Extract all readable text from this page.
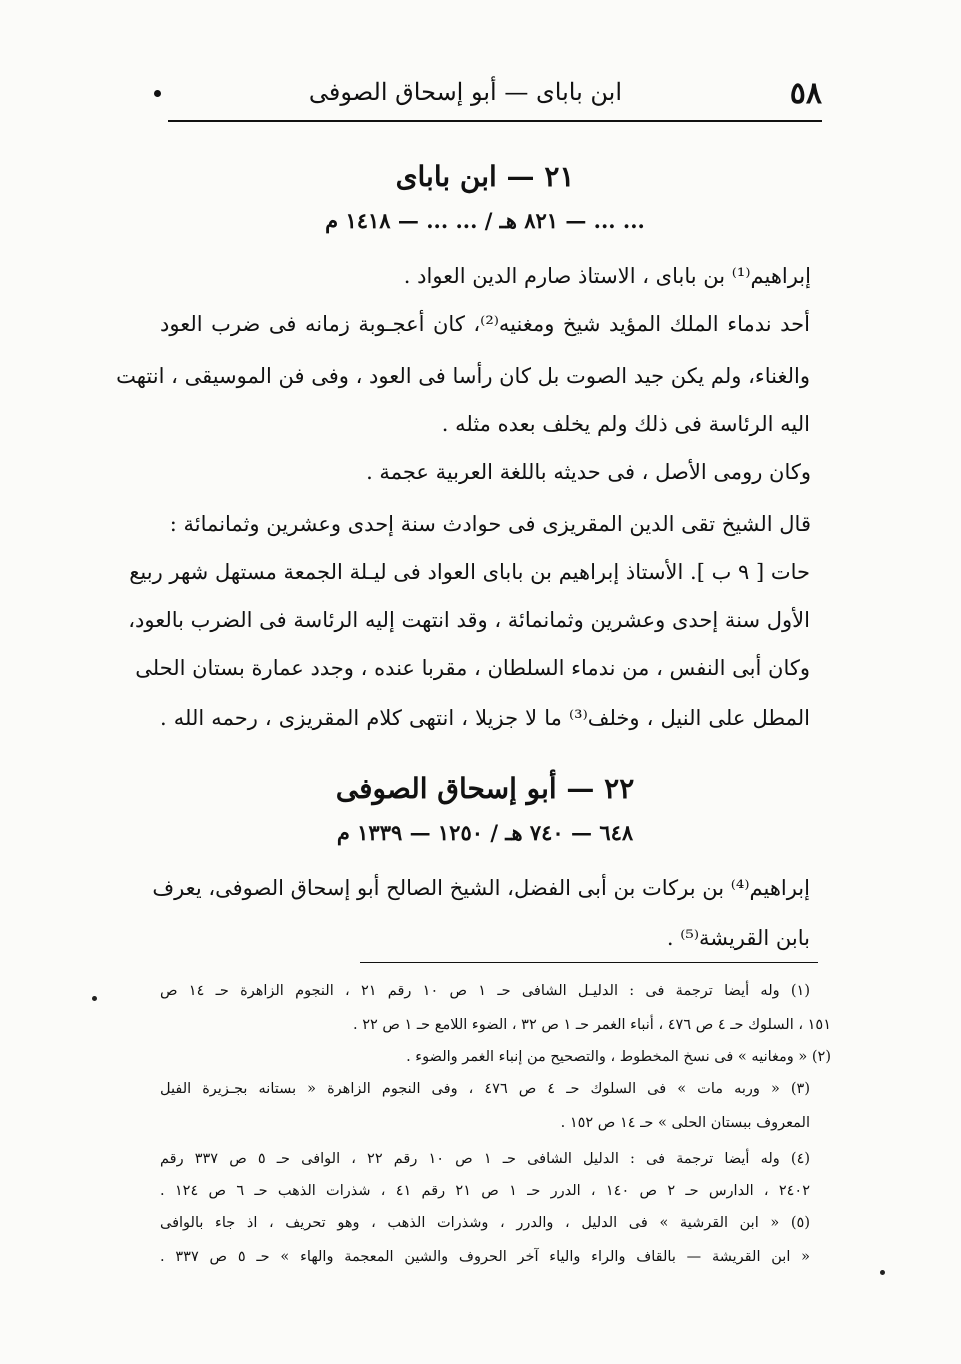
ابن باباى — أبو إسحاق الصوفى	٥٨
٢١ — ابن باباى
... ... — ٨٢١ هـ / ... ... — ١٤١٨ م
إبراهيم⁽¹⁾ بن باباى ، الاستاذ صارم الدين العواد .
أحد ندماء الملك المؤيد شيخ ومغنيه⁽²⁾، كان أعجـوبة زمانه فى ضرب العود
والغناء، ولم يكن جيد الصوت بل كان رأسا فى العود ، وفى فن الموسيقى ، انتهت
اليه الرئاسة فى ذلك ولم يخلف بعده مثله .
وكان رومى الأصل ، فى حديثه باللغة العربية عجمة .
قال الشيخ تقى الدين المقريزى فى حوادث سنة إحدى وعشرين وثمانمائة :
حات [ ٩ ب ]. الأستاذ إبراهيم بن باباى العواد فى ليـلة الجمعة مستهل شهر ربيع
الأول سنة إحدى وعشرين وثمانمائة ، وقد انتهت إليه الرئاسة فى الضرب بالعود،
وكان أبى النفس ، من ندماء السلطان ، مقربا عنده ، وجدد عمارة بستان الحلى
المطل على النيل ، وخلف⁽³⁾ ما لا جزيلا ، انتهى كلام المقريزى ، رحمه الله .
٢٢ — أبو إسحاق الصوفى
٦٤٨ — ٧٤٠ هـ / ١٢٥٠ — ١٣٣٩ م
إبراهيم⁽⁴⁾ بن بركات بن أبى الفضل، الشيخ الصالح أبو إسحاق الصوفى، يعرف
بابن القريشة⁽⁵⁾ .
(١) وله أيضا ترجمة فى : الدليـل الشافى حـ ١ ص ١٠ رقم ٢١ ، النجوم الزاهرة حـ ١٤ ص
١٥١ ، السلوك حـ ٤ ص ٤٧٦ ، أنباء الغمر حـ ١ ص ٣٢ ، الضوء اللامع حـ ١ ص ٢٢ .
(٢) « ومغانيه » فى نسخ المخطوط ، والتصحيح من إنباء الغمر والضوء .
(٣) « وربه مات » فى السلوك حـ ٤ ص ٤٧٦ ، وفى النجوم الزاهرة « بستانه بجـزيرة الفيل
المعروف ببستان الحلى » حـ ١٤ ص ١٥٢ .
(٤) وله أيضا ترجمة فى : الدليل الشافى حـ ١ ص ١٠ رقم ٢٢ ، الوافى حـ ٥ ص ٣٣٧ رقم
٢٤٠٢ ، الدارس حـ ٢ ص ١٤٠ ، الدرر حـ ١ ص ٢١ رقم ٤١ ، شذرات الذهب حـ ٦ ص ١٢٤ .
(٥) « ابن القرشية » فى الدليل ، والدرر ، وشذرات الذهب ، وهو تحريف ، اذ جاء بالوافى
« ابن القريشة — بالقاف والراء والياء آخر الحروف والشين المعجمة والهاء » حـ ٥ ص ٣٣٧ .
